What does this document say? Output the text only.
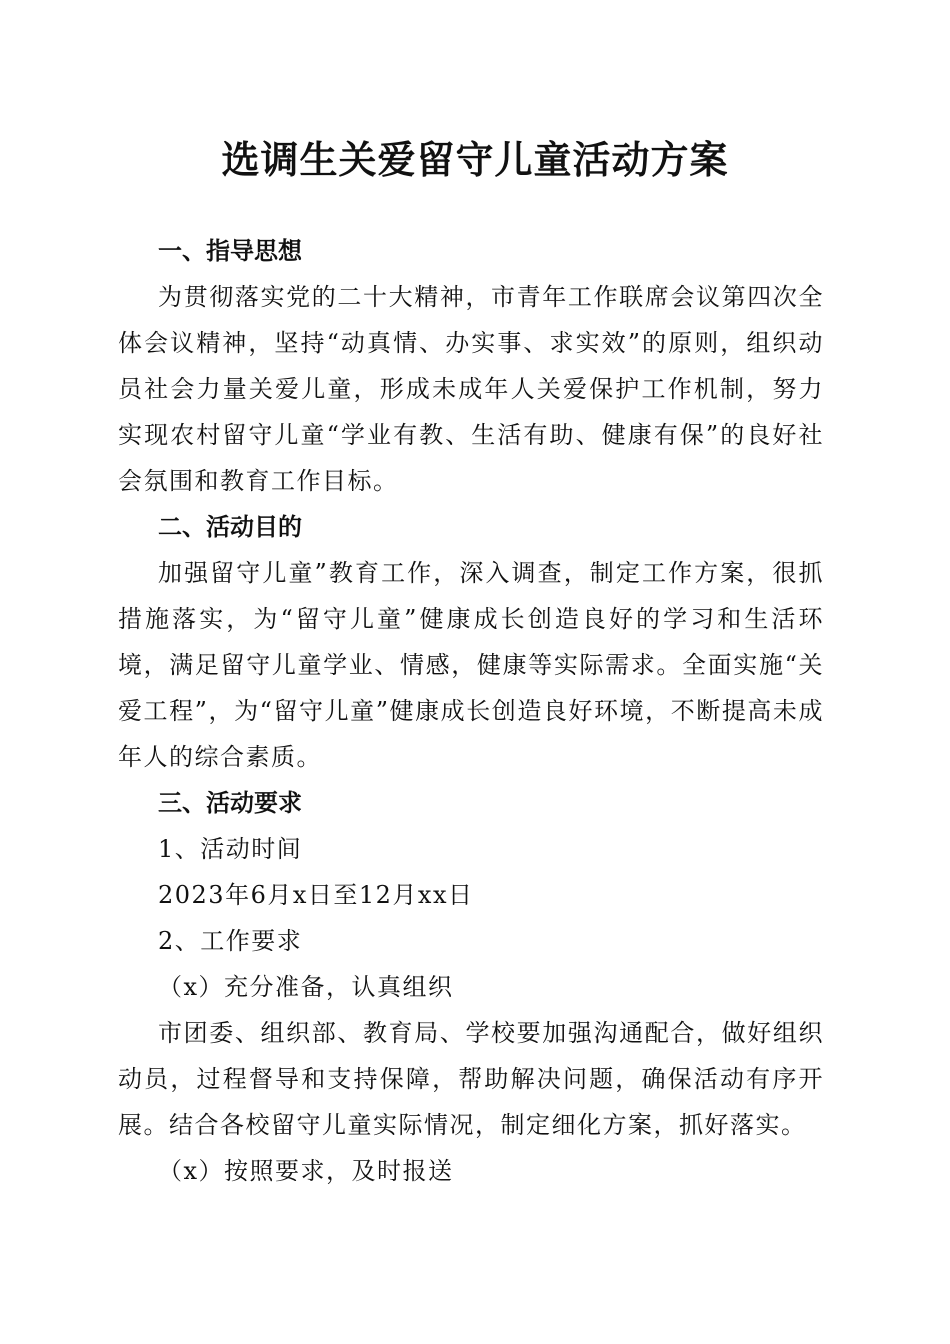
选调生关爱留守儿童活动方案

一、指导思想

为贯彻落实党的二十大精神，市青年工作联席会议第四次全体会议精神，坚持“动真情、办实事、求实效”的原则，组织动员社会力量关爱儿童，形成未成年人关爱保护工作机制，努力实现农村留守儿童“学业有教、生活有助、健康有保”的良好社会氛围和教育工作目标。

二、活动目的

加强留守儿童”教育工作，深入调查，制定工作方案，很抓措施落实，为“留守儿童”健康成长创造良好的学习和生活环境，满足留守儿童学业、情感，健康等实际需求。全面实施“关爱工程”，为“留守儿童”健康成长创造良好环境，不断提高未成年人的综合素质。

三、活动要求

1、活动时间

2023年6月x日至12月xx日

2、工作要求

（x）充分准备，认真组织

市团委、组织部、教育局、学校要加强沟通配合，做好组织动员，过程督导和支持保障，帮助解决问题，确保活动有序开展。结合各校留守儿童实际情况，制定细化方案，抓好落实。

（x）按照要求，及时报送
